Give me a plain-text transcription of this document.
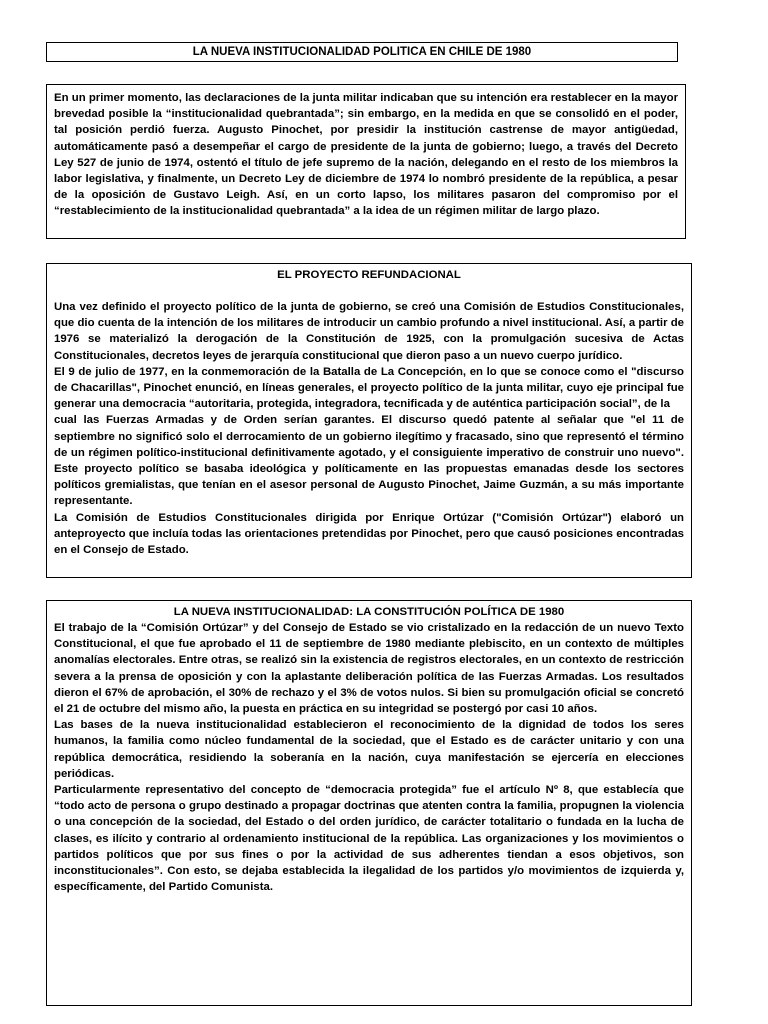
LA NUEVA INSTITUCIONALIDAD POLITICA EN CHILE DE 1980

En un primer momento, las declaraciones de la junta militar indicaban que su intención era restablecer en la mayor brevedad posible la “institucionalidad quebrantada”; sin embargo, en la medida en que se consolidó en el poder, tal posición perdió fuerza. Augusto Pinochet, por presidir la institución castrense de mayor antigüedad, automáticamente pasó a desempeñar el cargo de presidente de la junta de gobierno; luego, a través del Decreto Ley 527 de junio de 1974, ostentó el título de jefe supremo de la nación, delegando en el resto de los miembros la labor legislativa, y finalmente, un Decreto Ley de diciembre de 1974 lo nombró presidente de la república, a pesar de la oposición de Gustavo Leigh. Así, en un corto lapso, los militares pasaron del compromiso por el “restablecimiento de la institucionalidad quebrantada” a la idea de un régimen militar de largo plazo.

EL PROYECTO REFUNDACIONAL

Una vez definido el proyecto político de la junta de gobierno, se creó una Comisión de Estudios Constitucionales, que dio cuenta de la intención de los militares de introducir un cambio profundo a nivel institucional. Así, a partir de 1976 se materializó la derogación de la Constitución de 1925, con la promulgación sucesiva de Actas Constitucionales, decretos leyes de jerarquía constitucional que dieron paso a un nuevo cuerpo jurídico.

El 9 de julio de 1977, en la conmemoración de la Batalla de La Concepción, en lo que se conoce como el "discurso de Chacarillas", Pinochet enunció, en líneas generales, el proyecto político de la junta militar, cuyo eje principal fue generar una democracia “autoritaria, protegida, integradora, tecnificada y de auténtica participación social”, de la

cual las Fuerzas Armadas y de Orden serían garantes. El discurso quedó patente al señalar que "el 11 de septiembre no significó solo el derrocamiento de un gobierno ilegítimo y fracasado, sino que representó el término de un régimen político-institucional definitivamente agotado, y el consiguiente imperativo de construir uno nuevo". Este proyecto político se basaba ideológica y políticamente en las propuestas emanadas desde los sectores políticos gremialistas, que tenían en el asesor personal de Augusto Pinochet, Jaime Guzmán, a su más importante representante.

La Comisión de Estudios Constitucionales dirigida por Enrique Ortúzar ("Comisión Ortúzar") elaboró un anteproyecto que incluía todas las orientaciones pretendidas por Pinochet, pero que causó posiciones encontradas en el Consejo de Estado.

LA NUEVA INSTITUCIONALIDAD: LA CONSTITUCIÓN POLÍTICA DE 1980

El trabajo de la “Comisión Ortúzar” y del Consejo de Estado se vio cristalizado en la redacción de un nuevo Texto Constitucional, el que fue aprobado el 11 de septiembre de 1980 mediante plebiscito, en un contexto de múltiples anomalías electorales. Entre otras, se realizó sin la existencia de registros electorales, en un contexto de restricción severa a la prensa de oposición y con la aplastante deliberación política de las Fuerzas Armadas. Los resultados dieron el 67% de aprobación, el 30% de rechazo y el 3% de votos nulos. Si bien su promulgación oficial se concretó el 21 de octubre del mismo año, la puesta en práctica en su integridad se postergó por casi 10 años.

Las bases de la nueva institucionalidad establecieron el reconocimiento de la dignidad de todos los seres humanos, la familia como núcleo fundamental de la sociedad, que el Estado es de carácter unitario y con una república democrática, residiendo la soberanía en la nación, cuya manifestación se ejercería en elecciones periódicas.

Particularmente representativo del concepto de “democracia protegida” fue el artículo Nº 8, que establecía que “todo acto de persona o grupo destinado a propagar doctrinas que atenten contra la familia, propugnen la violencia o una concepción de la sociedad, del Estado o del orden jurídico, de carácter totalitario o fundada en la lucha de clases, es ilícito y contrario al ordenamiento institucional de la república. Las organizaciones y los movimientos o partidos políticos que por sus fines o por la actividad de sus adherentes tiendan a esos objetivos, son inconstitucionales”. Con esto, se dejaba establecida la ilegalidad de los partidos y/o movimientos de izquierda y, específicamente, del Partido Comunista.
